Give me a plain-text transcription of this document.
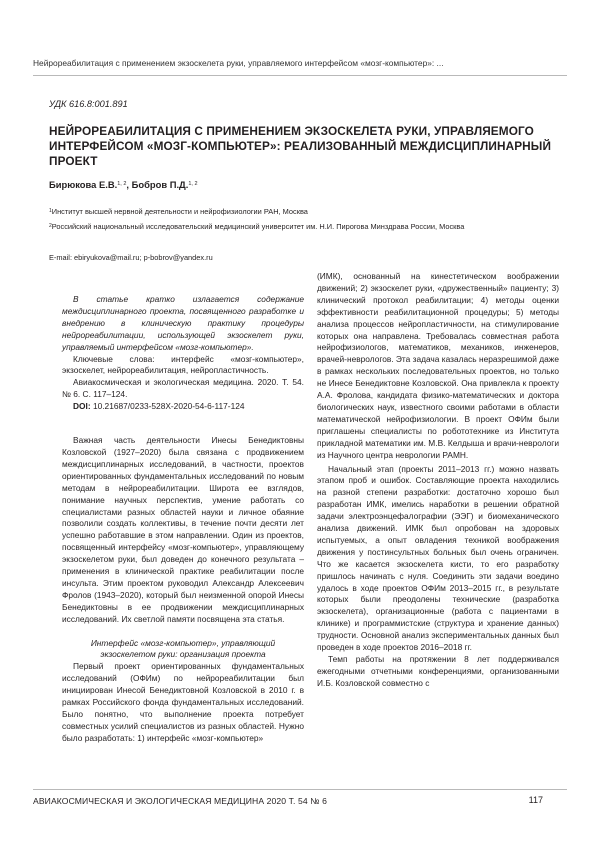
Нейрореабилитация с применением экзоскелета руки, управляемого интерфейсом «мозг-компьютер»: ...
УДК 616.8:001.891
НЕЙРОРЕАБИЛИТАЦИЯ С ПРИМЕНЕНИЕМ ЭКЗОСКЕЛЕТА РУКИ, УПРАВЛЯЕМОГО ИНТЕРФЕЙСОМ «МОЗГ-КОМПЬЮТЕР»: РЕАЛИЗОВАННЫЙ МЕЖДИСЦИПЛИНАРНЫЙ ПРОЕКТ
Бирюкова Е.В.$^{1, 2}$, Бобров П.Д.$^{1, 2}$
$^1$Институт высшей нервной деятельности и нейрофизиологии РАН, Москва
$^2$Российский национальный исследовательский медицинский университет им. Н.И. Пирогова Минздрава России, Москва
E-mail: ebiryukova@mail.ru; p-bobrov@yandex.ru

В статье кратко излагается содержание междисциплинарного проекта, посвященного разработке и внедрению в клиническую практику процедуры нейрореабилитации, использующей экзоскелет руки, управляемый интерфейсом «мозг-компьютер».

Ключевые слова: интерфейс «мозг-компьютер», экзоскелет, нейрореабилитация, нейропластичность.

Авиакосмическая и экологическая медицина. 2020. Т. 54. № 6. С. 117–124.

DOI: 10.21687/0233-528X-2020-54-6-117-124

Важная часть деятельности Инесы Бенедиктовны Козловской (1927–2020) была связана с продвижением междисциплинарных исследований, в частности, проектов ориентированных фундаментальных исследований по новым методам в нейрореабилитации. Широта ее взглядов, понимание научных перспектив, умение работать со специалистами разных областей науки и личное обаяние позволили создать коллективы, в течение почти десяти лет успешно работавшие в этом направлении. Один из проектов, посвященный интерфейсу «мозг-компьютер», управляющему экзоскелетом руки, был доведен до конечного результата – применения в клинической практике реабилитации после инсульта. Этим проектом руководил Александр Алексеевич Фролов (1943–2020), который был неизменной опорой Инесы Бенедиктовны в ее продвижении междисциплинарных исследований. Их светлой памяти посвящена эта статья.

Интерфейс «мозг-компьютер», управляющий экзоскелетом руки: организация проекта

Первый проект ориентированных фундаментальных исследований (ОФИм) по нейрореабилитации был инициирован Инесой Бенедиктовной Козловской в 2010 г. в рамках Российского фонда фундаментальных исследований. Было понятно, что выполнение проекта потребует совместных усилий специалистов из разных областей. Нужно было разработать: 1) интерфейс «мозг-компьютер»

(ИМК), основанный на кинестетическом воображении движений; 2) экзоскелет руки, «дружественный» пациенту; 3) клинический протокол реабилитации; 4) методы оценки эффективности реабилитационной процедуры; 5) методы анализа процессов нейропластичности, на стимулирование которых она направлена. Требовалась совместная работа нейрофизиологов, математиков, механиков, инженеров, врачей-неврологов. Эта задача казалась неразрешимой даже в рамках нескольких последовательных проектов, но только не Инесе Бенедиктовне Козловской. Она привлекла к проекту А.А. Фролова, кандидата физико-математических и доктора биологических наук, известного своими работами в области математической нейрофизиологии. В проект ОФИм были приглашены специалисты по робототехнике из Института прикладной математики им. М.В. Келдыша и врачи-неврологи из Научного центра неврологии РАМН.

Начальный этап (проекты 2011–2013 гг.) можно назвать этапом проб и ошибок. Составляющие проекта находились на разной степени разработки: достаточно хорошо был разработан ИМК, имелись наработки в решении обратной задачи электроэнцефалографии (ЭЭГ) и биомеханического анализа движений. ИМК был опробован на здоровых испытуемых, а опыт овладения техникой воображения движения у постинсультных больных был очень ограничен. Что же касается экзоскелета кисти, то его разработку пришлось начинать с нуля. Соединить эти задачи воедино удалось в ходе проектов ОФИм 2013–2015 гг., в результате которых были преодолены технические (разработка экзоскелета), организационные (работа с пациентами в клинике) и программистские (структура и хранение данных) трудности. Основной анализ экспериментальных данных был проведен в ходе проектов 2016–2018 гг.

Темп работы на протяжении 8 лет поддерживался ежегодными отчетными конференциями, организованными И.Б. Козловской совместно с

АВИАКОСМИЧЕСКАЯ И ЭКОЛОГИЧЕСКАЯ МЕДИЦИНА 2020 Т. 54 № 6	117
